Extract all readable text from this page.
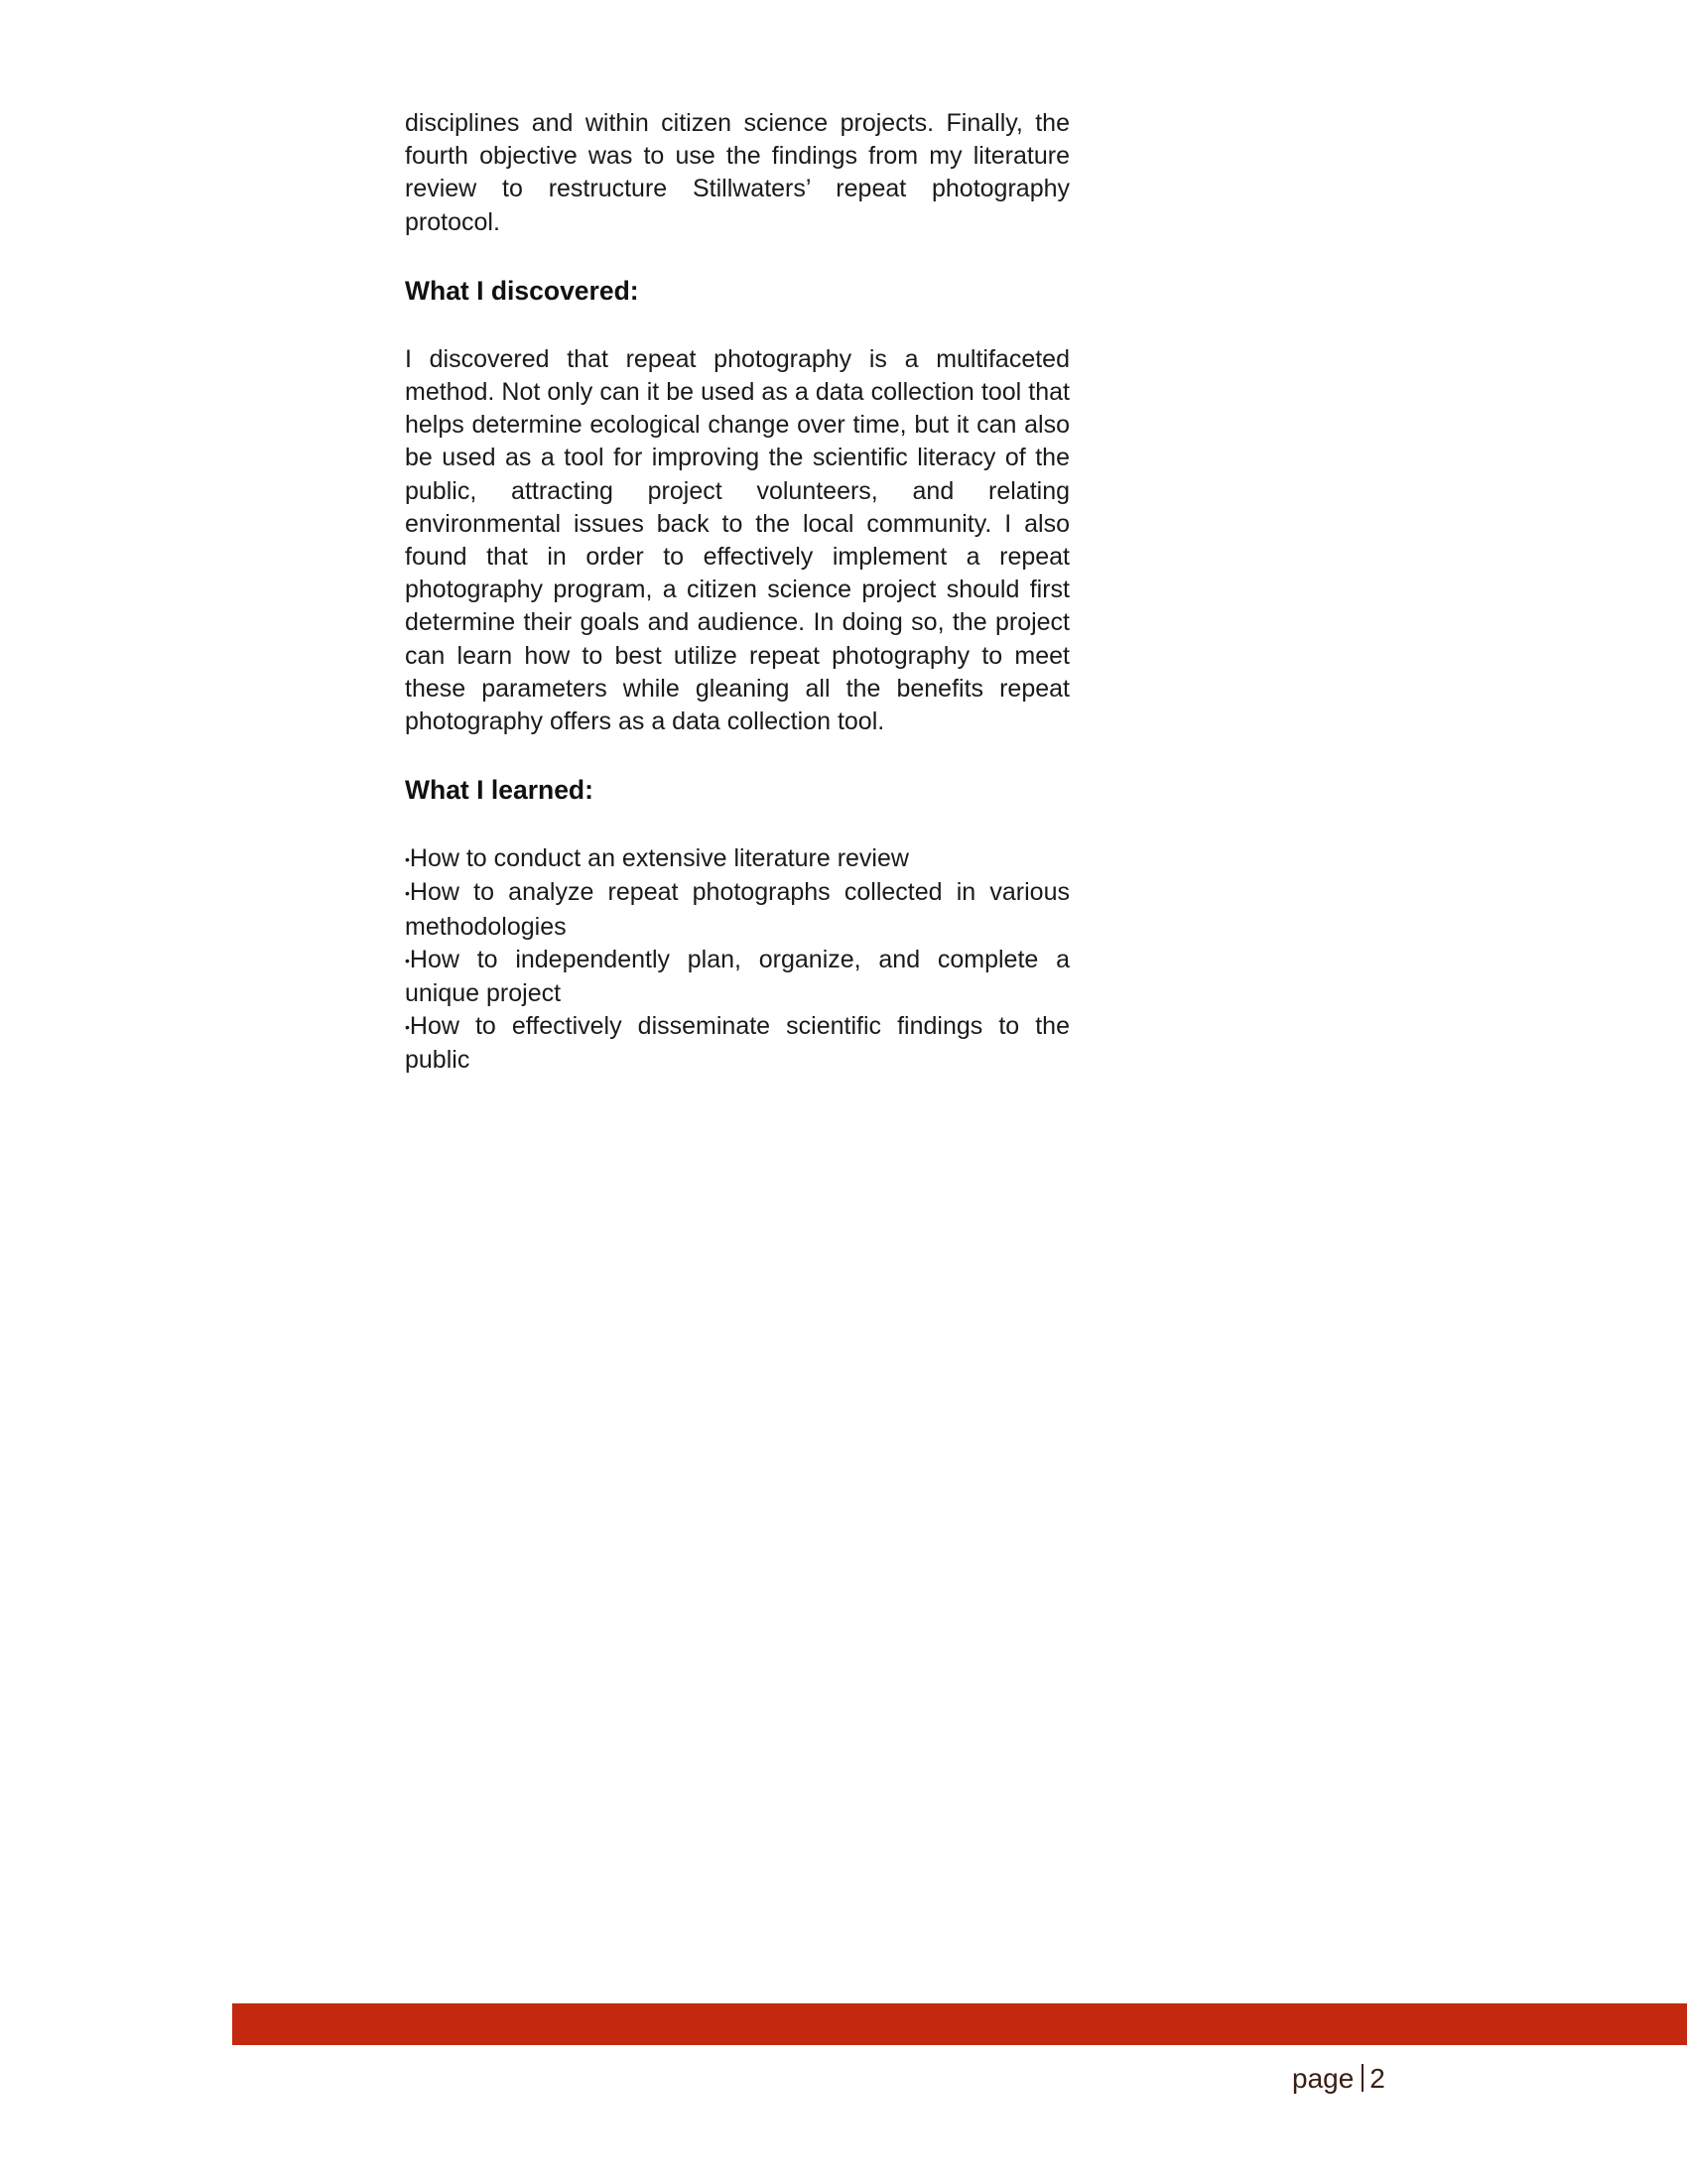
disciplines and within citizen science projects. Finally, the fourth objective was to use the findings from my literature review to restructure Stillwaters’ repeat photography protocol.

What I discovered:

I discovered that repeat photography is a multifaceted method. Not only can it be used as a data collection tool that helps determine ecological change over time, but it can also be used as a tool for improving the scientific literacy of the public, attracting project volunteers, and relating environmental issues back to the local community. I also found that in order to effectively implement a repeat photography program, a citizen science project should first determine their goals and audience. In doing so, the project can learn how to best utilize repeat photography to meet these parameters while gleaning all the benefits repeat photography offers as a data collection tool.

What I learned:
•How to conduct an extensive literature review
•How to analyze repeat photographs collected in various methodologies
•How to independently plan, organize, and complete a unique project
•How to effectively disseminate scientific findings to the public
page 2
